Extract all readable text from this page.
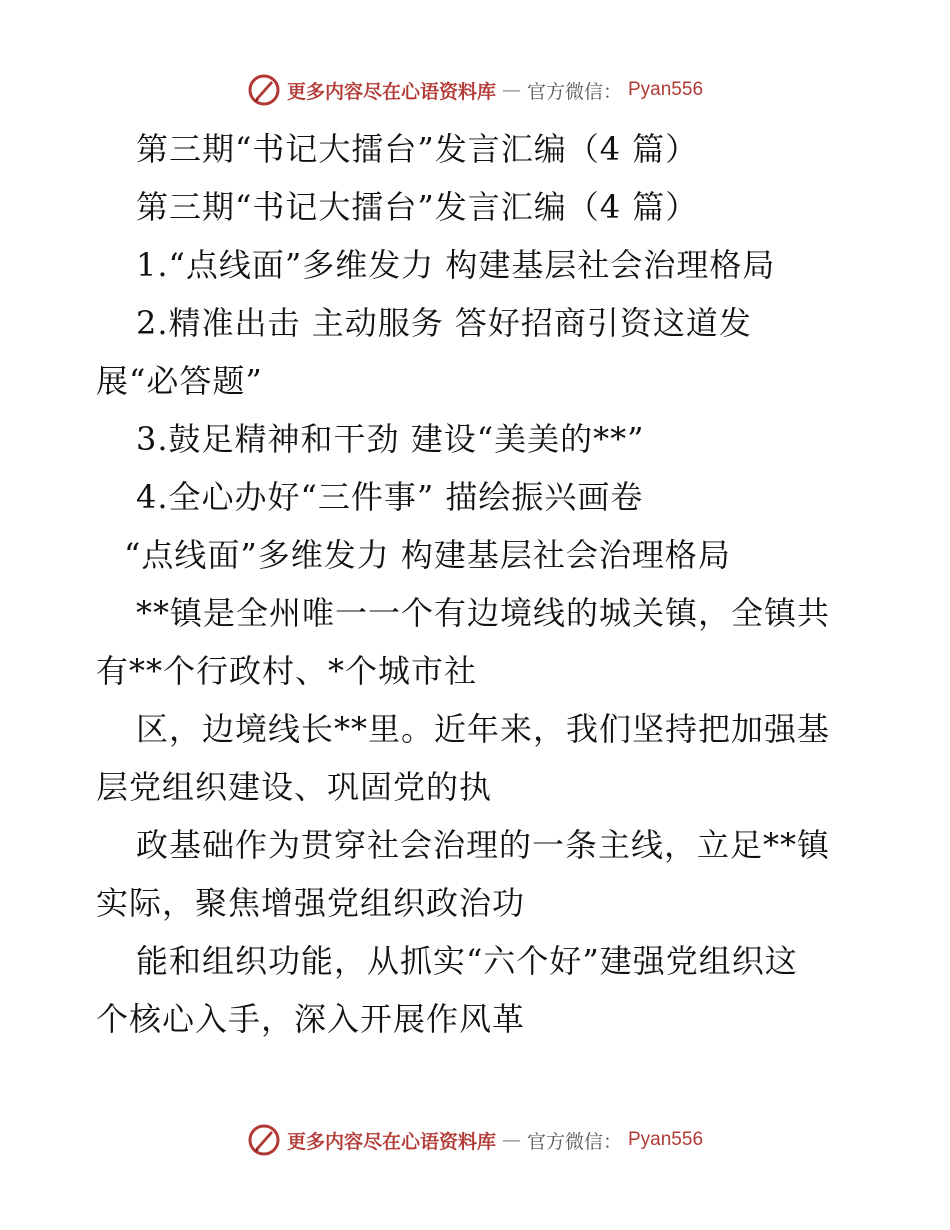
更多内容尽在心语资料库 — 官方微信： Pyan556
第三期“书记大擂台”发言汇编（4 篇）
第三期“书记大擂台”发言汇编（4 篇）
1.“点线面”多维发力 构建基层社会治理格局
2.精准出击 主动服务 答好招商引资这道发
展“必答题”
3.鼓足精神和干劲 建设“美美的**”
4.全心办好“三件事” 描绘振兴画卷
“点线面”多维发力 构建基层社会治理格局
**镇是全州唯一一个有边境线的城关镇，全镇共
有**个行政村、*个城市社
区，边境线长**里。近年来，我们坚持把加强基
层党组织建设、巩固党的执
政基础作为贯穿社会治理的一条主线，立足**镇
实际，聚焦增强党组织政治功
能和组织功能，从抓实“六个好”建强党组织这
个核心入手，深入开展作风革
更多内容尽在心语资料库 — 官方微信： Pyan556
